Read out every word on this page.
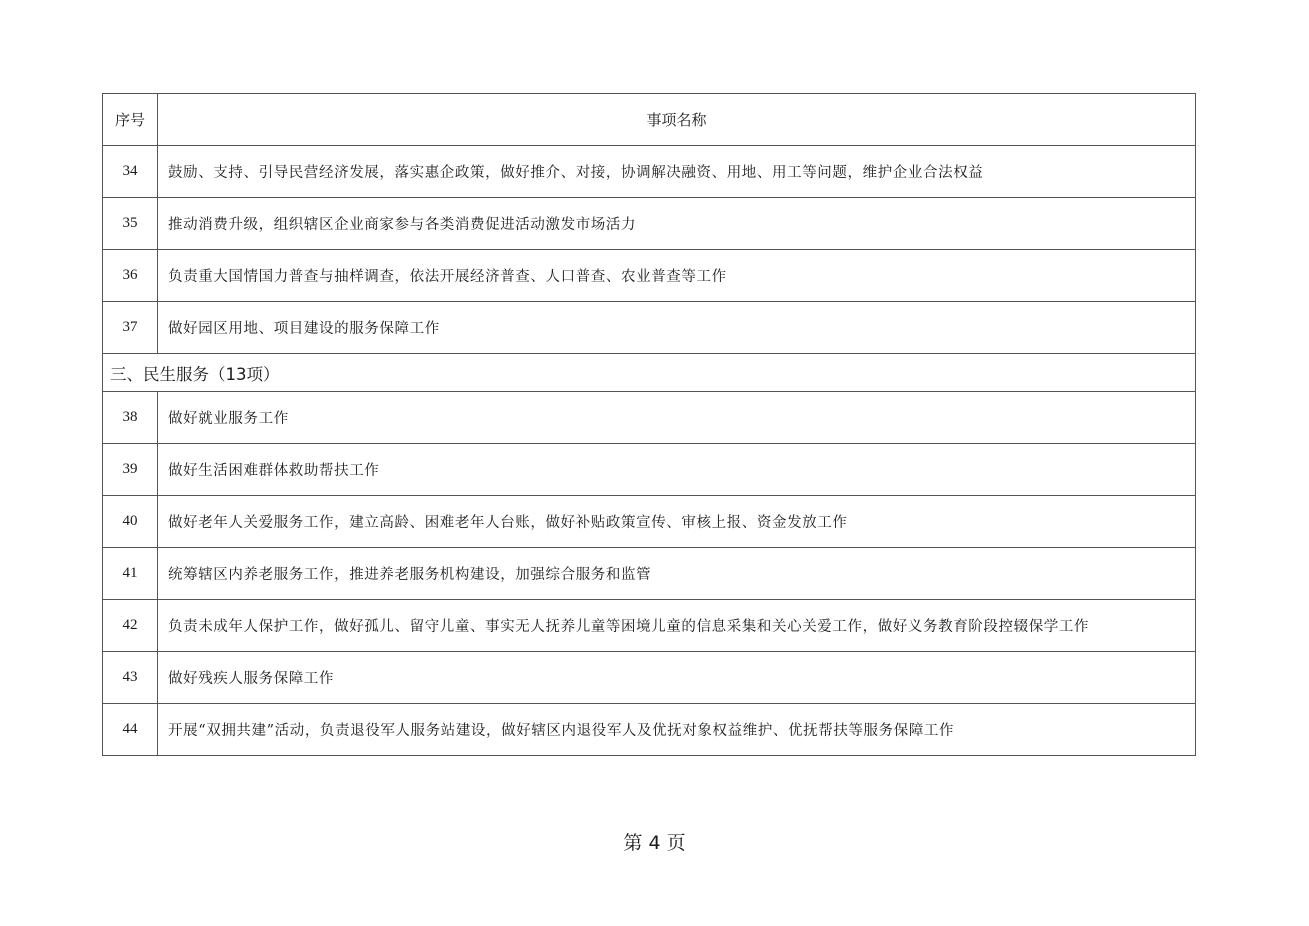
序号	事项名称
34	鼓励、支持、引导民营经济发展，落实惠企政策，做好推介、对接，协调解决融资、用地、用工等问题，维护企业合法权益
35	推动消费升级，组织辖区企业商家参与各类消费促进活动激发市场活力
36	负责重大国情国力普查与抽样调查，依法开展经济普查、人口普查、农业普查等工作
37	做好园区用地、项目建设的服务保障工作
三、民生服务（13项）	
38	做好就业服务工作
39	做好生活困难群体救助帮扶工作
40	做好老年人关爱服务工作，建立高龄、困难老年人台账，做好补贴政策宣传、审核上报、资金发放工作
41	统筹辖区内养老服务工作，推进养老服务机构建设，加强综合服务和监管
42	负责未成年人保护工作，做好孤儿、留守儿童、事实无人抚养儿童等困境儿童的信息采集和关心关爱工作，做好义务教育阶段控辍保学工作
43	做好残疾人服务保障工作
44	开展“双拥共建”活动，负责退役军人服务站建设，做好辖区内退役军人及优抚对象权益维护、优抚帮扶等服务保障工作
第 4 页
